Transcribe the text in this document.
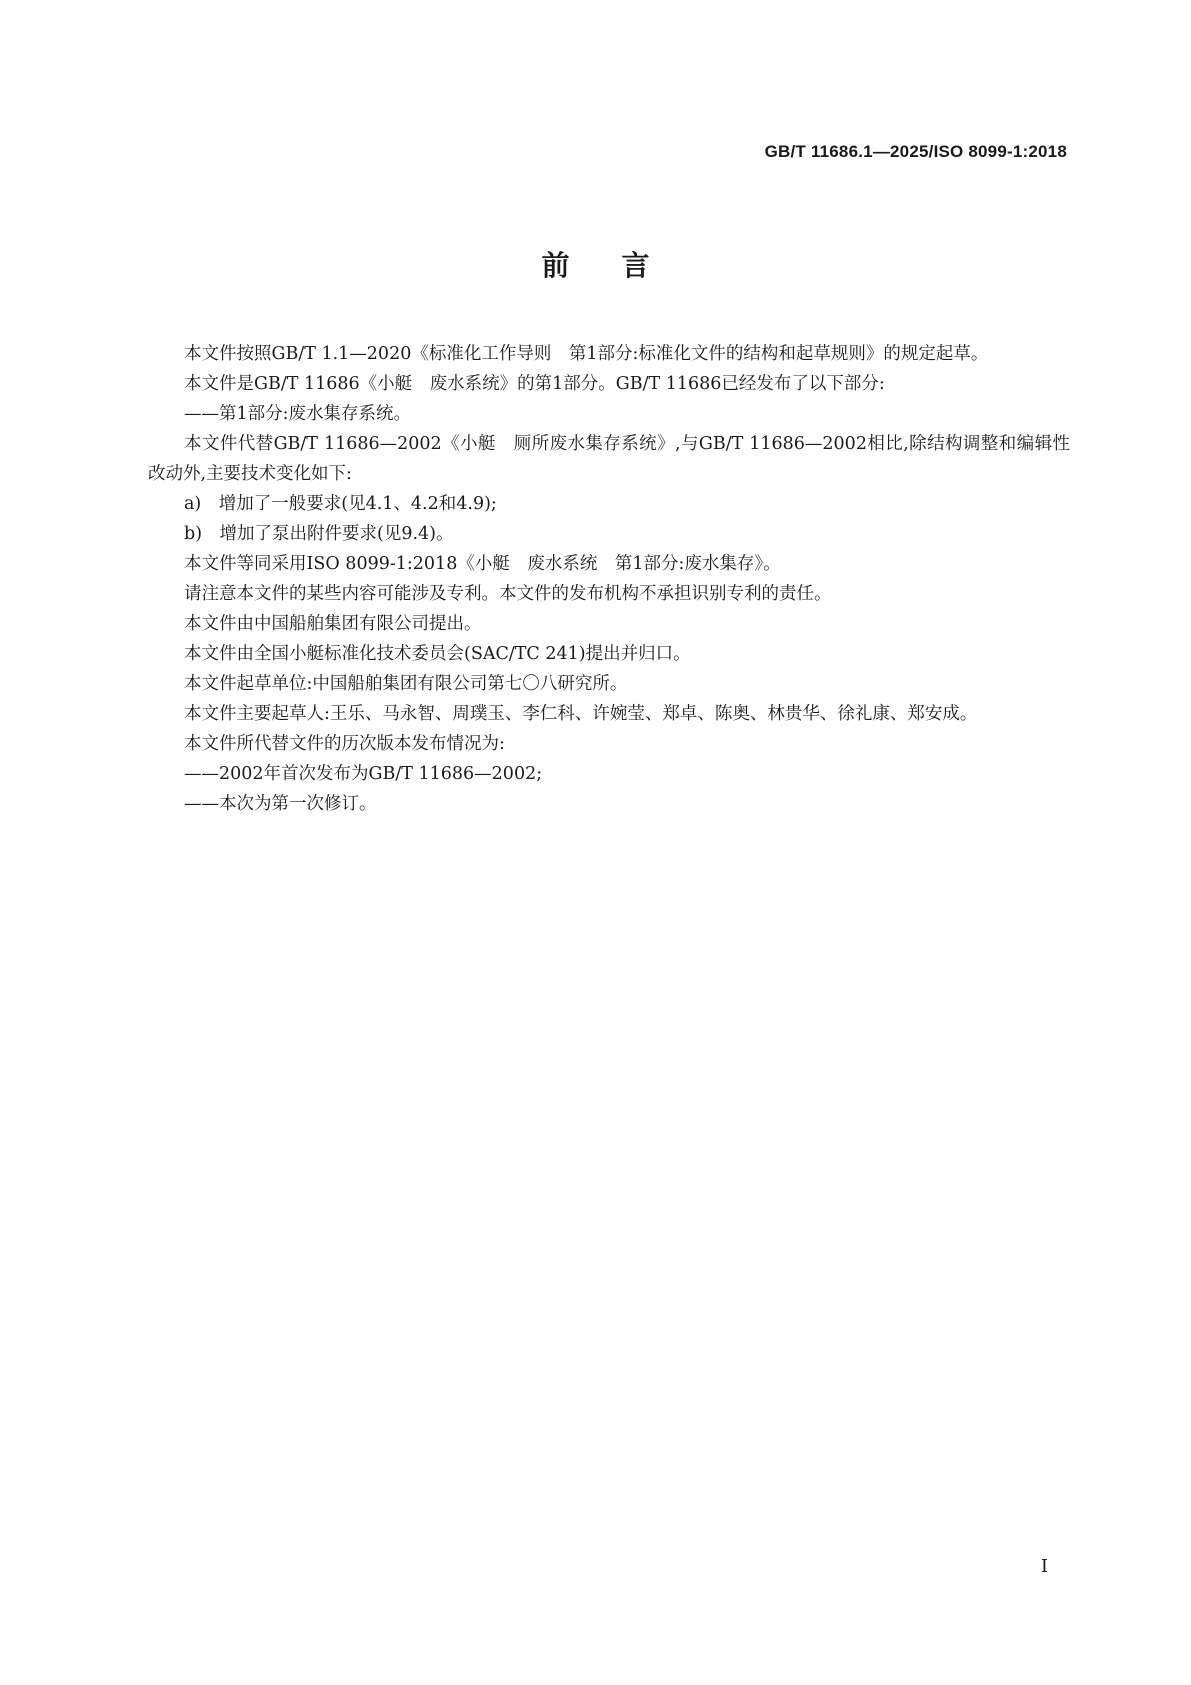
GB/T 11686.1—2025/ISO 8099-1:2018
前言

本文件按照GB/T 1.1—2020《标准化工作导则　第1部分:标准化文件的结构和起草规则》的规定起草。

本文件是GB/T 11686《小艇　废水系统》的第1部分。GB/T 11686已经发布了以下部分:

——第1部分:废水集存系统。

本文件代替GB/T 11686—2002《小艇　厕所废水集存系统》,与GB/T 11686—2002相比,除结构调整和编辑性改动外,主要技术变化如下:

a)　增加了一般要求(见4.1、4.2和4.9);

b)　增加了泵出附件要求(见9.4)。

本文件等同采用ISO 8099-1:2018《小艇　废水系统　第1部分:废水集存》。

请注意本文件的某些内容可能涉及专利。本文件的发布机构不承担识别专利的责任。

本文件由中国船舶集团有限公司提出。

本文件由全国小艇标准化技术委员会(SAC/TC 241)提出并归口。

本文件起草单位:中国船舶集团有限公司第七〇八研究所。

本文件主要起草人:王乐、马永智、周璞玉、李仁科、许婉莹、郑卓、陈奥、林贵华、徐礼康、郑安成。

本文件所代替文件的历次版本发布情况为:

——2002年首次发布为GB/T 11686—2002;

——本次为第一次修订。

I
